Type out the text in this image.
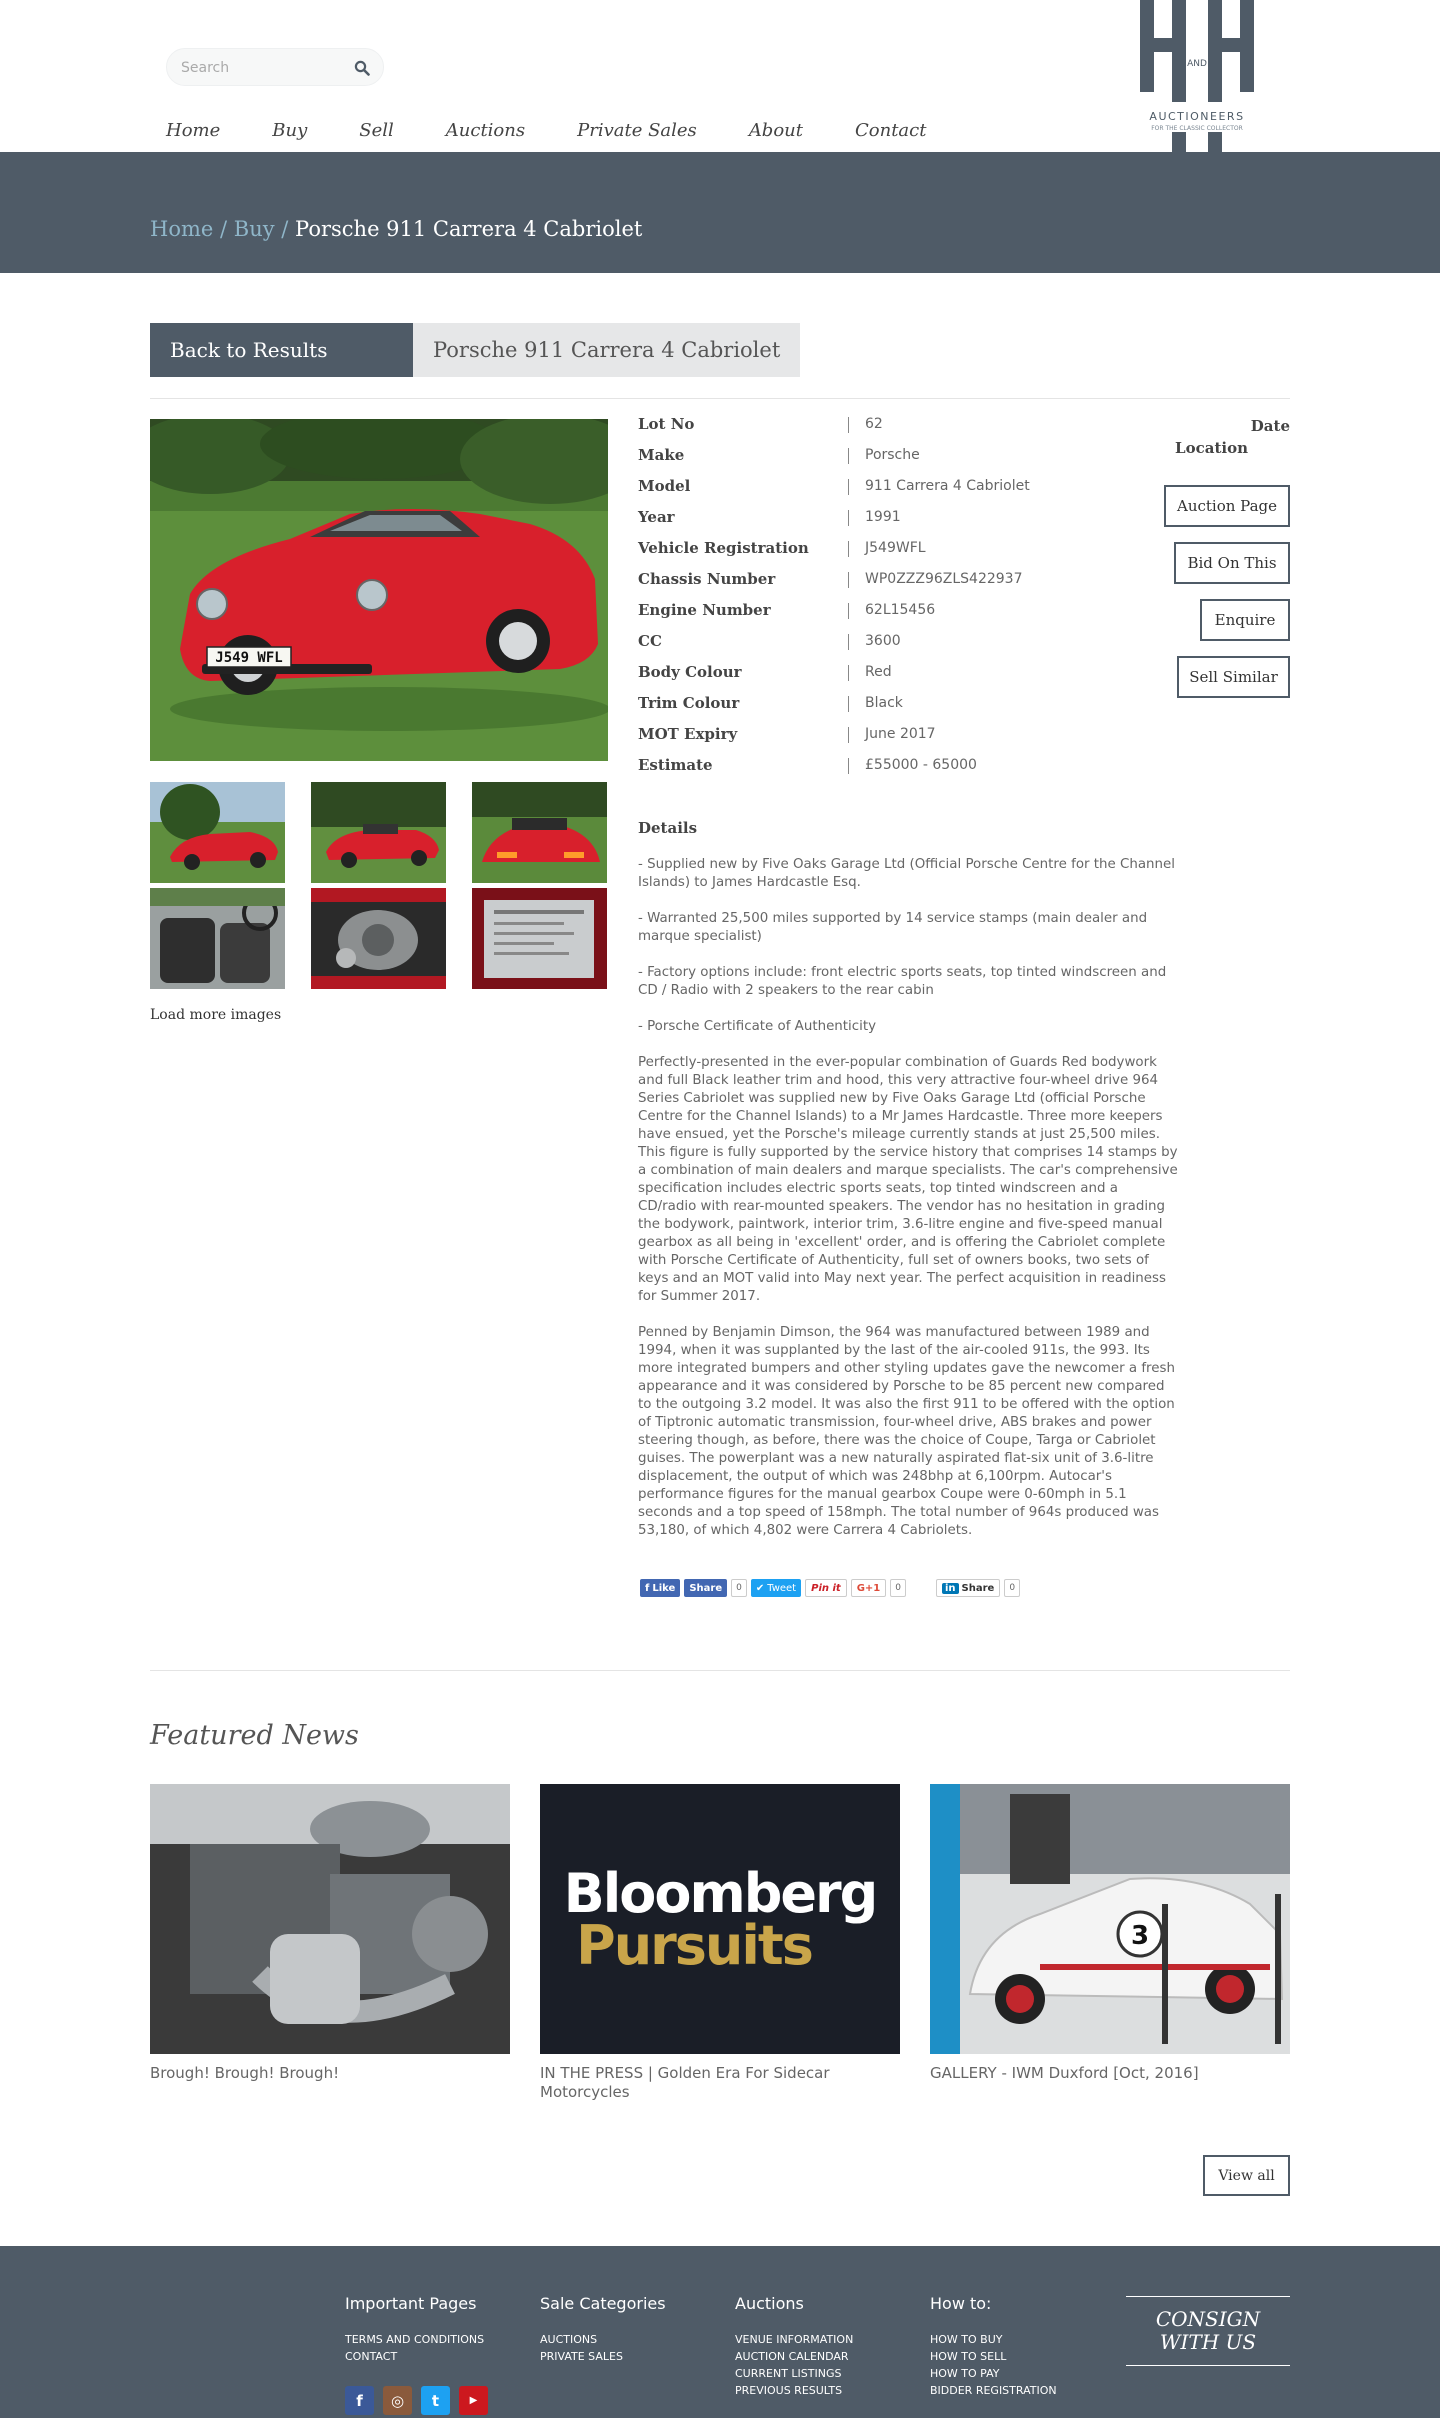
Search
Home	Buy	Sell	Auctions	Private Sales	About	Contact
AND
AUCTIONEERS
FOR THE CLASSIC COLLECTOR
Home / Buy / Porsche 911 Carrera 4 Cabriolet
Back to Results	Porsche 911 Carrera 4 Cabriolet
J549 WFL
Load more images
Lot No	62
Make	Porsche
Model	911 Carrera 4 Cabriolet
Year	1991
Vehicle Registration	J549WFL
Chassis Number	WP0ZZZ96ZLS422937
Engine Number	62L15456
CC	3600
Body Colour	Red
Trim Colour	Black
MOT Expiry	June 2017
Estimate	£55000 - 65000
Date
Location
Auction Page
Bid On This
Enquire
Sell Similar
Details

- Supplied new by Five Oaks Garage Ltd (Official Porsche Centre for the Channel Islands) to James Hardcastle Esq.

- Warranted 25,500 miles supported by 14 service stamps (main dealer and marque specialist)

- Factory options include: front electric sports seats, top tinted windscreen and CD / Radio with 2 speakers to the rear cabin

- Porsche Certificate of Authenticity

Perfectly-presented in the ever-popular combination of Guards Red bodywork and full Black leather trim and hood, this very attractive four-wheel drive 964 Series Cabriolet was supplied new by Five Oaks Garage Ltd (official Porsche Centre for the Channel Islands) to a Mr James Hardcastle. Three more keepers have ensued, yet the Porsche's mileage currently stands at just 25,500 miles. This figure is fully supported by the service history that comprises 14 stamps by a combination of main dealers and marque specialists. The car's comprehensive specification includes electric sports seats, top tinted windscreen and a CD/radio with rear-mounted speakers. The vendor has no hesitation in grading the bodywork, paintwork, interior trim, 3.6-litre engine and five-speed manual gearbox as all being in 'excellent' order, and is offering the Cabriolet complete with Porsche Certificate of Authenticity, full set of owners books, two sets of keys and an MOT valid into May next year. The perfect acquisition in readiness for Summer 2017.

Penned by Benjamin Dimson, the 964 was manufactured between 1989 and 1994, when it was supplanted by the last of the air-cooled 911s, the 993. Its more integrated bumpers and other styling updates gave the newcomer a fresh appearance and it was considered by Porsche to be 85 percent new compared to the outgoing 3.2 model. It was also the first 911 to be offered with the option of Tiptronic automatic transmission, four-wheel drive, ABS brakes and power steering though, as before, there was the choice of Coupe, Targa or Cabriolet guises. The powerplant was a new naturally aspirated flat-six unit of 3.6-litre displacement, the output of which was 248bhp at 6,100rpm. Autocar's performance figures for the manual gearbox Coupe were 0-60mph in 5.1 seconds and a top speed of 158mph. The total number of 964s produced was 53,180, of which 4,802 were Carrera 4 Cabriolets.

f Like	Share	0	✔ Tweet	Pin it	G+1	0	in Share	0
Featured News
Brough! Brough! Brough!
Bloomberg
Pursuits
IN THE PRESS | Golden Era For Sidecar Motorcycles
3
GALLERY - IWM Duxford [Oct, 2016]
View all
Important Pages
TERMS AND CONDITIONS
CONTACT
Sale Categories
AUCTIONS
PRIVATE SALES
Auctions
VENUE INFORMATION
AUCTION CALENDAR
CURRENT LISTINGS
PREVIOUS RESULTS
How to:
HOW TO BUY
HOW TO SELL
HOW TO PAY
BIDDER REGISTRATION
CONSIGN WITH US
f	◎	t	▶
